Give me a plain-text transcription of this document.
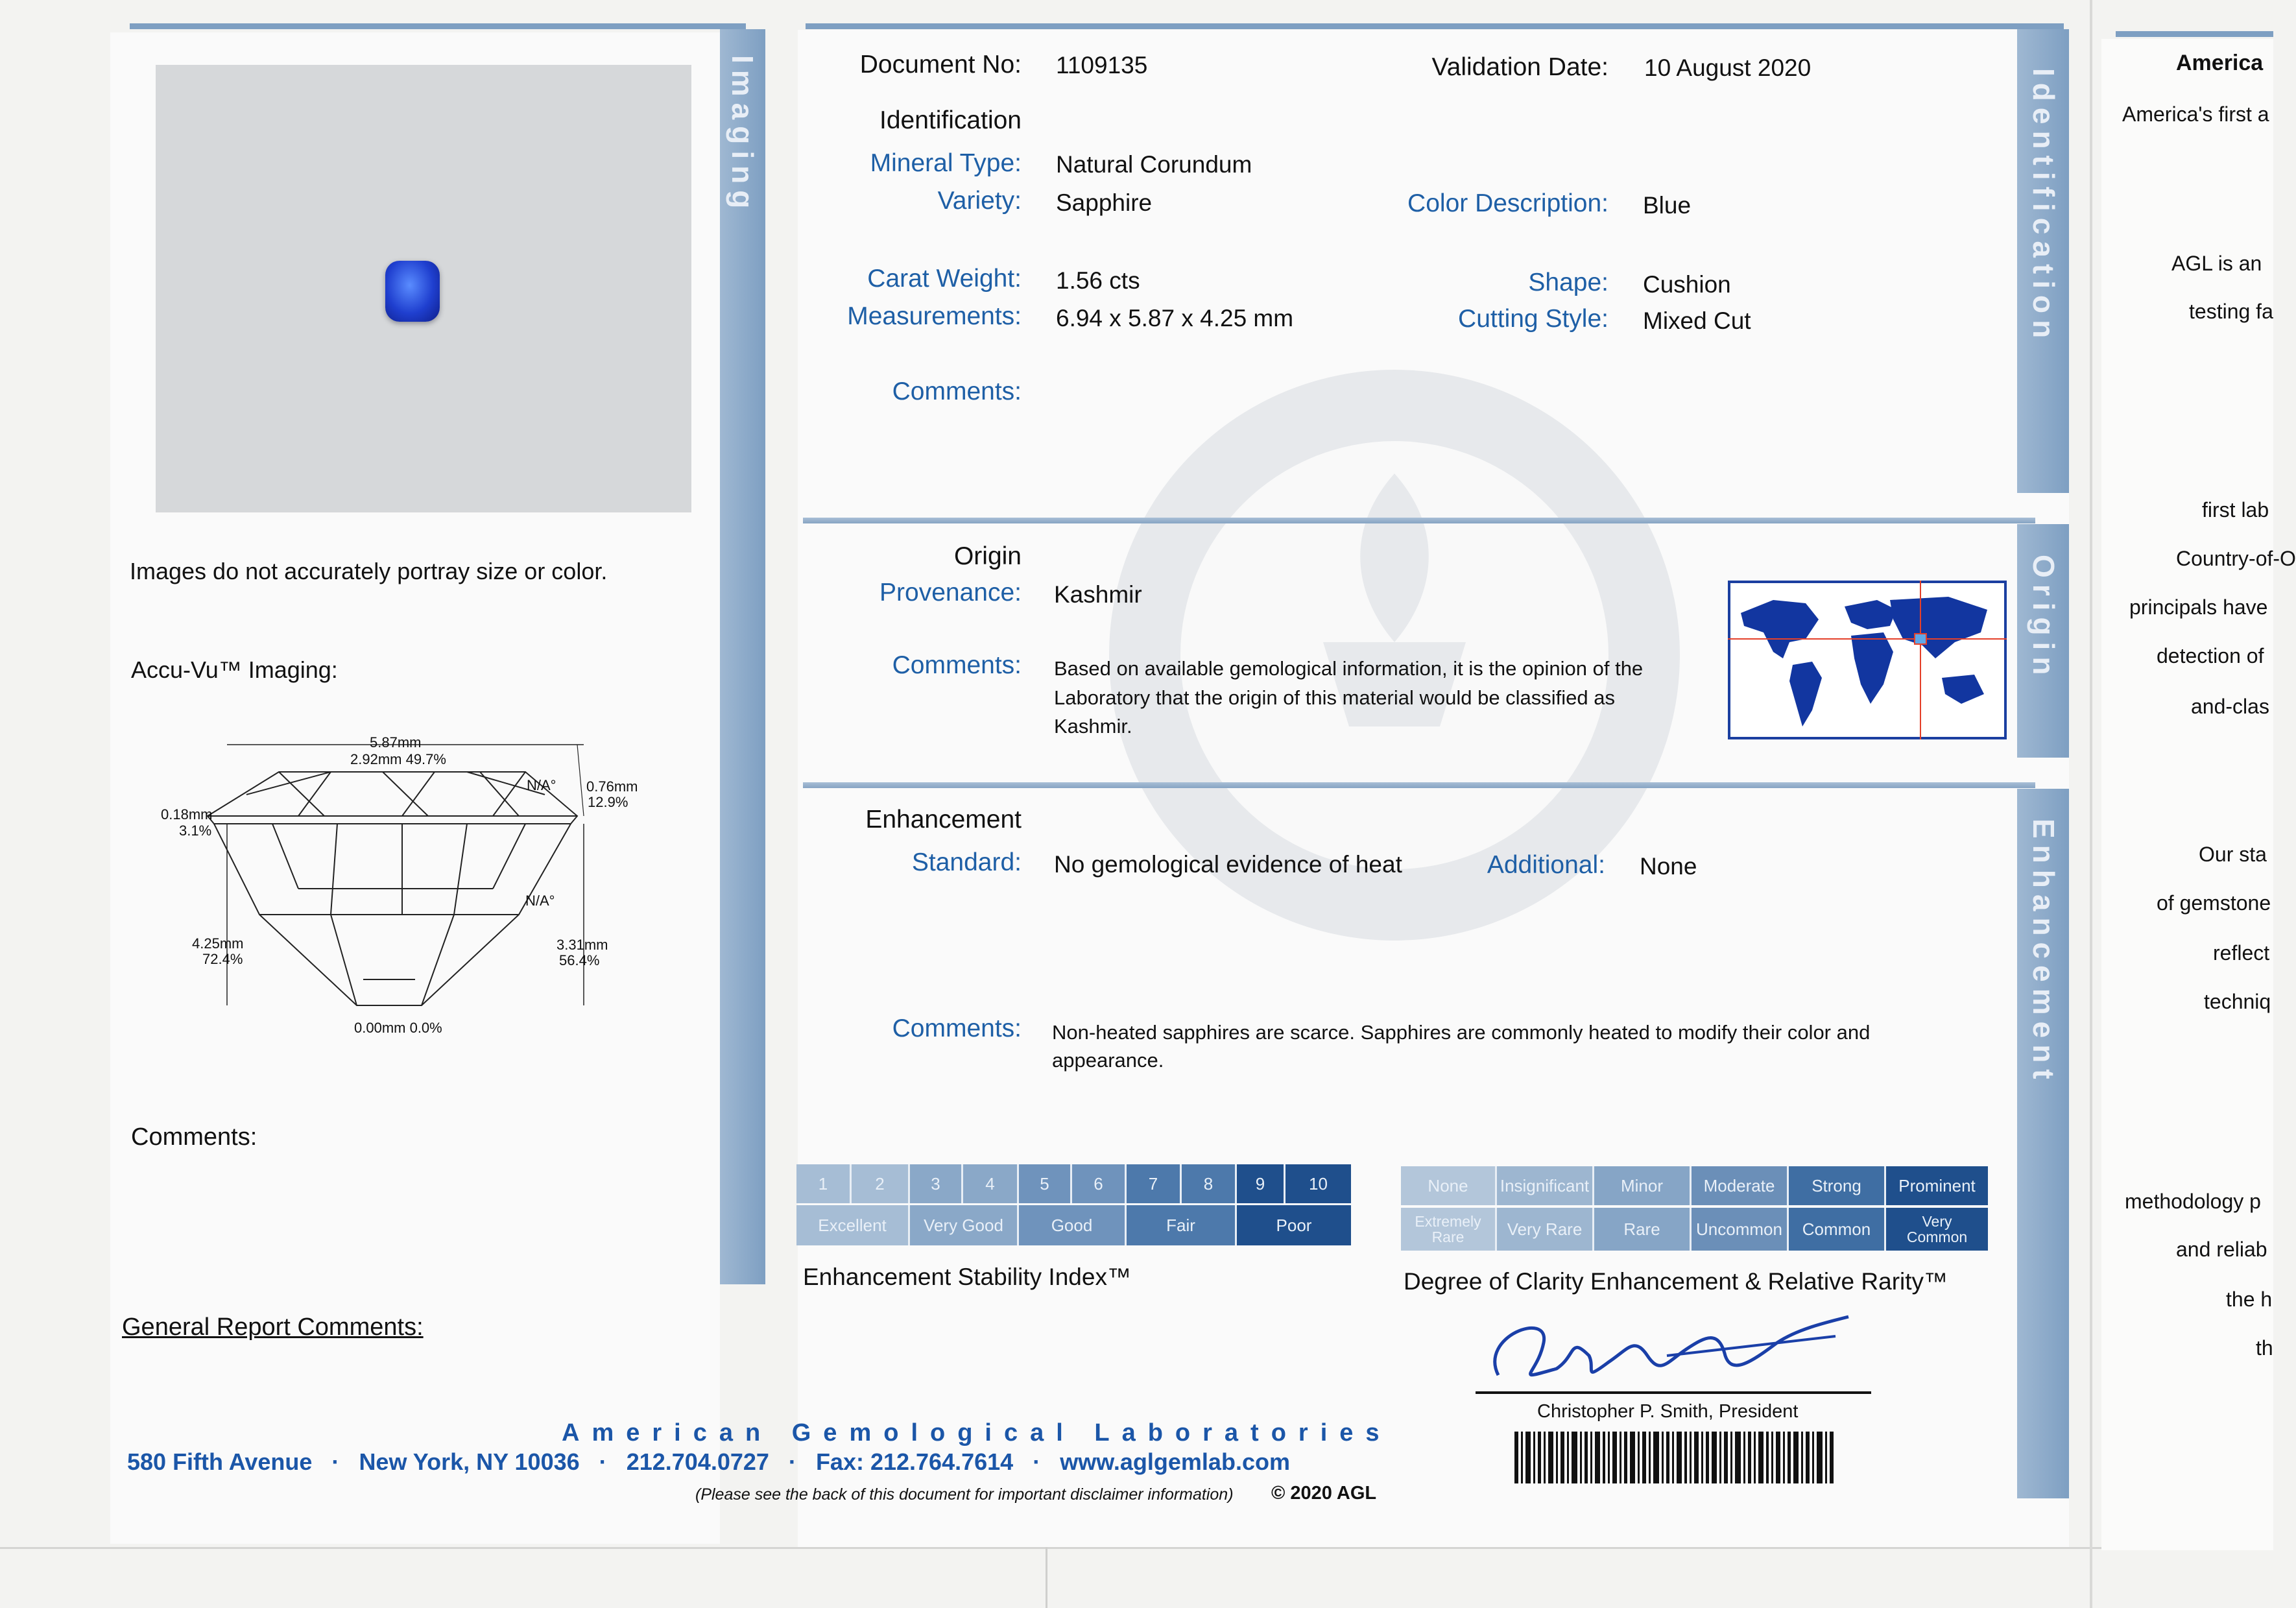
Imaging
Images do not accurately portray size or color.
Accu-Vu™ Imaging:
5.87mm
2.92mm 49.7%
0.18mm
3.1%
N/A° 0.76mm
12.9%
N/A°
4.25mm
72.4%
3.31mm
56.4%
0.00mm 0.0%
Comments:
General Report Comments:
Identification
Document No: 1109135	Validation Date: 10 August 2020
Identification
Mineral Type: Natural Corundum
Variety: Sapphire	Color Description: Blue
Carat Weight: 1.56 cts	Shape: Cushion
Measurements: 6.94 x 5.87 x 4.25 mm	Cutting Style: Mixed Cut
Comments:
Origin
Origin
Provenance: Kashmir
Comments: Based on available gemological information, it is the opinion of the
Laboratory that the origin of this material would be classified as
Kashmir.
Enhancement
Enhancement
Standard: No gemological evidence of heat	Additional: None
Comments: Non-heated sapphires are scarce. Sapphires are commonly heated to modify their color and
appearance.
1	2	3	4	5	6	7	8	9	10
Excellent	Very Good	Good	Fair	Poor
Enhancement Stability Index™
None	Insignificant	Minor	Moderate	Strong	Prominent
Extremely Rare	Very Rare	Rare	Uncommon	Common	Very Common
Degree of Clarity Enhancement & Relative Rarity™
Christopher P. Smith, President
American Gemological Laboratories
580 Fifth Avenue   ·   New York, NY 10036   ·   212.704.0727   ·   Fax: 212.764.7614   ·   www.aglgemlab.com
(Please see the back of this document for important disclaimer information) © 2020 AGL
America
America's first a
AGL is an
testing fa
first lab
Country-of-O
principals have
detection of
and-clas
Our sta
of gemstone
reflect
techniq
methodology p
and reliab
the h
th
